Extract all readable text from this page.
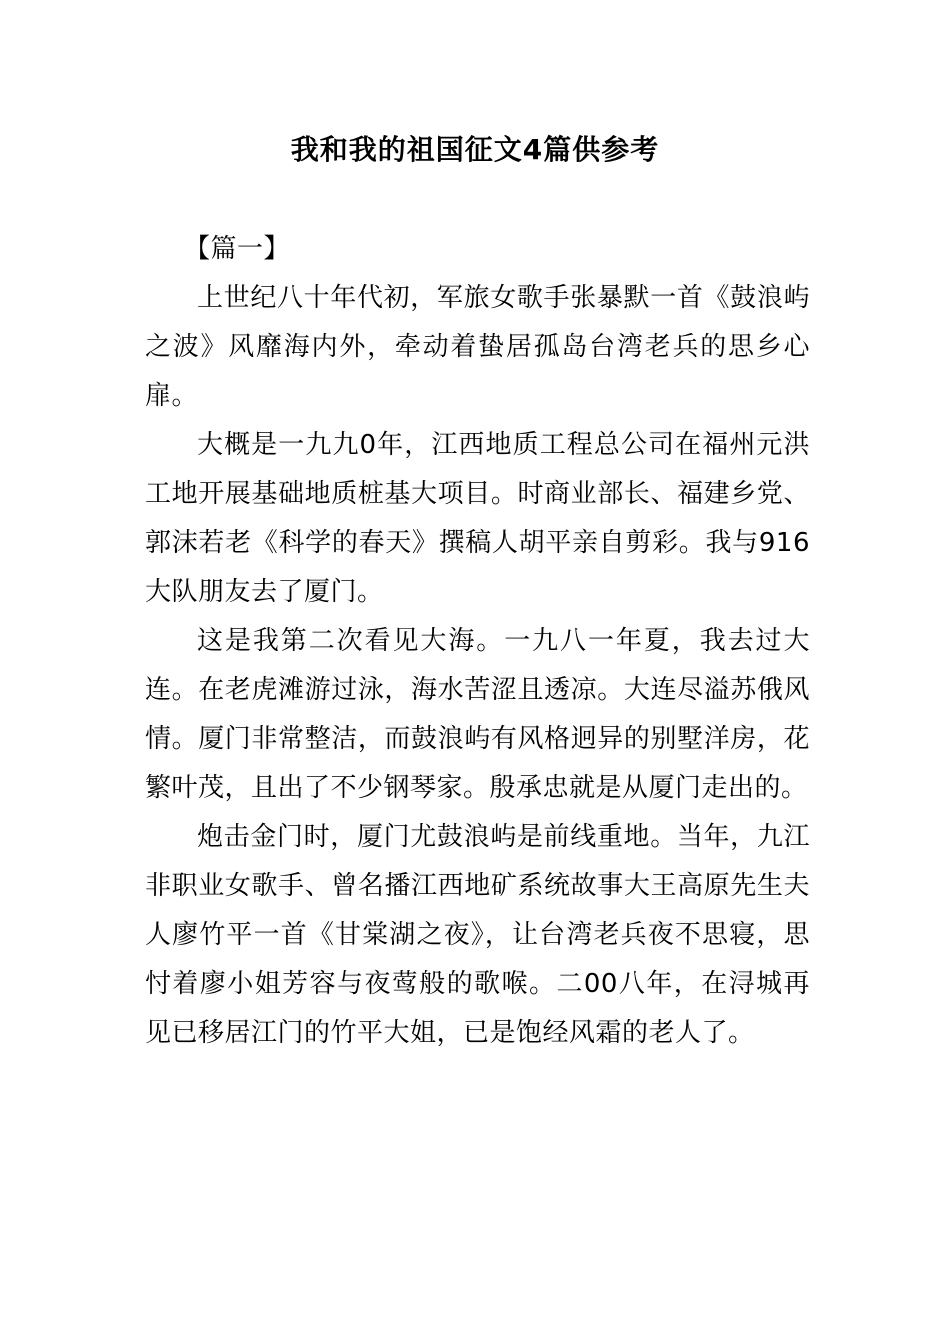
我和我的祖国征文4篇供参考

【篇一】

上世纪八十年代初，军旅女歌手张暴默一首《鼓浪屿之波》风靡海内外，牵动着蛰居孤岛台湾老兵的思乡心扉。

大概是一九九0年，江西地质工程总公司在福州元洪工地开展基础地质桩基大项目。时商业部长、福建乡党、郭沫若老《科学的春天》撰稿人胡平亲自剪彩。我与916大队朋友去了厦门。

这是我第二次看见大海。一九八一年夏，我去过大连。在老虎滩游过泳，海水苦涩且透凉。大连尽溢苏俄风情。厦门非常整洁，而鼓浪屿有风格迥异的别墅洋房，花繁叶茂，且出了不少钢琴家。殷承忠就是从厦门走出的。

炮击金门时，厦门尤鼓浪屿是前线重地。当年，九江非职业女歌手、曾名播江西地矿系统故事大王高原先生夫人廖竹平一首《甘棠湖之夜》，让台湾老兵夜不思寝，思忖着廖小姐芳容与夜莺般的歌喉。二00八年，在浔城再见已移居江门的竹平大姐，已是饱经风霜的老人了。
